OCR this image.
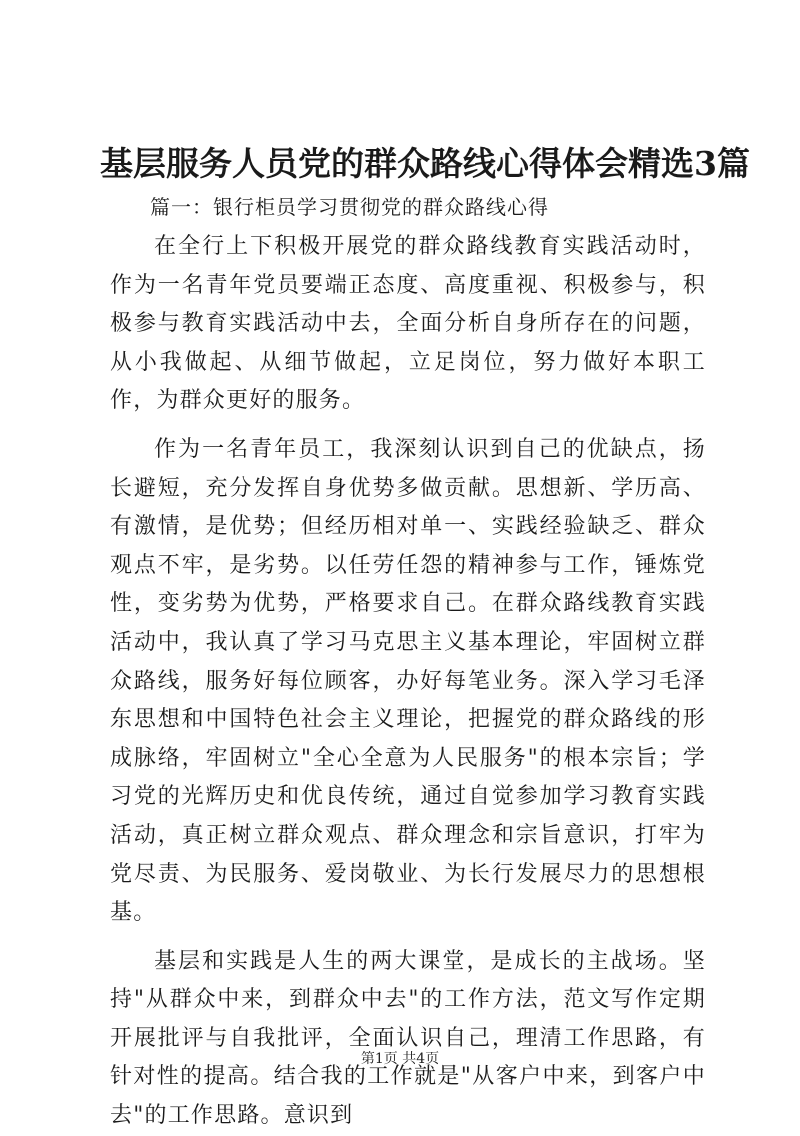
基层服务人员党的群众路线心得体会精选3篇

篇一：银行柜员学习贯彻党的群众路线心得

在全行上下积极开展党的群众路线教育实践活动时，作为一名青年党员要端正态度、高度重视、积极参与，积极参与教育实践活动中去，全面分析自身所存在的问题，从小我做起、从细节做起，立足岗位，努力做好本职工作，为群众更好的服务。

作为一名青年员工，我深刻认识到自己的优缺点，扬长避短，充分发挥自身优势多做贡献。思想新、学历高、有激情，是优势；但经历相对单一、实践经验缺乏、群众观点不牢，是劣势。以任劳任怨的精神参与工作，锤炼党性，变劣势为优势，严格要求自己。在群众路线教育实践活动中，我认真了学习马克思主义基本理论，牢固树立群众路线，服务好每位顾客，办好每笔业务。深入学习毛泽东思想和中国特色社会主义理论，把握党的群众路线的形成脉络，牢固树立"全心全意为人民服务"的根本宗旨；学习党的光辉历史和优良传统，通过自觉参加学习教育实践活动，真正树立群众观点、群众理念和宗旨意识，打牢为党尽责、为民服务、爱岗敬业、为长行发展尽力的思想根基。

基层和实践是人生的两大课堂，是成长的主战场。坚持"从群众中来，到群众中去"的工作方法，范文写作定期开展批评与自我批评，全面认识自己，理清工作思路，有针对性的提高。结合我的工作就是"从客户中来，到客户中去"的工作思路。意识到

第1页 共4页
